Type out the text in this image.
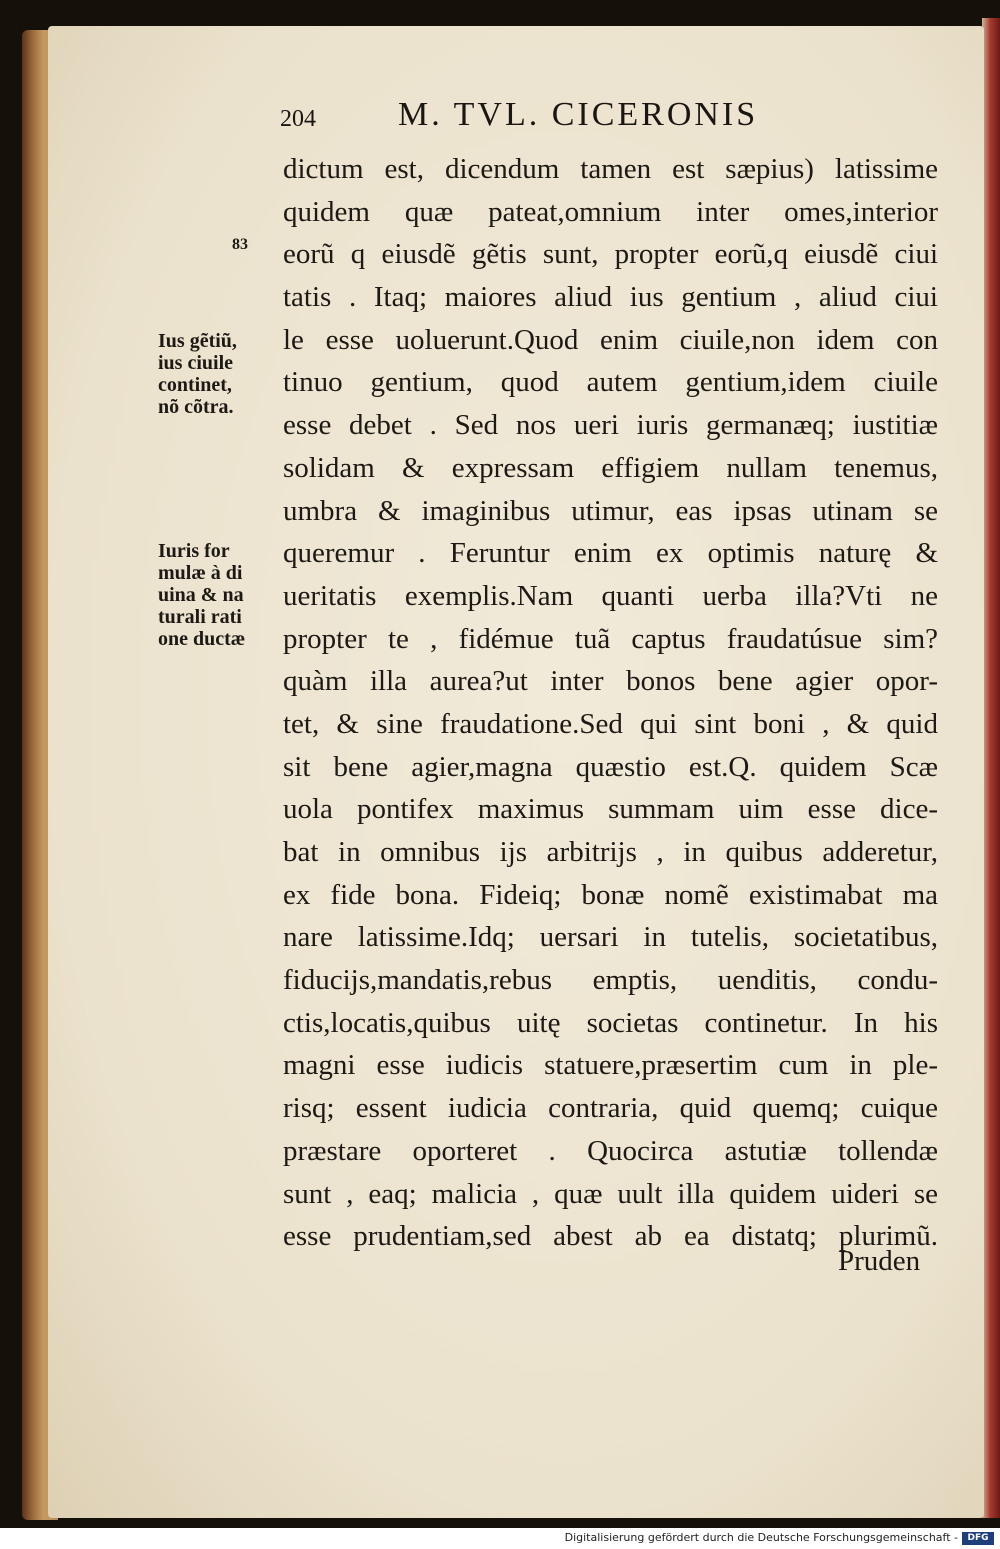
204 M. TVL. CICERONIS
83
Ius gẽtiũ,
ius ciuile
continet,
nõ cõtra.
Iuris for
mulæ à di
uina & na
turali rati
one ductæ
dictum est, dicendum tamen est sæpius) latissime
quidem quæ pateat,omnium inter omes,interior
eorũ q eiusdẽ gẽtis sunt, propter eorũ,q eiusdẽ ciui
tatis . Itaq; maiores aliud ius gentium , aliud ciui
le esse uoluerunt.Quod enim ciuile,non idem con
tinuo gentium, quod autem gentium,idem ciuile
esse debet . Sed nos ueri iuris germanæq; iustitiæ
solidam & expressam effigiem nullam tenemus,
umbra & imaginibus utimur, eas ipsas utinam se
queremur . Feruntur enim ex optimis naturę &
ueritatis exemplis.Nam quanti uerba illa?Vti ne
propter te , fidémue tuã captus fraudatúsue sim?
quàm illa aurea?ut inter bonos bene agier opor-
tet, & sine fraudatione.Sed qui sint boni , & quid
sit bene agier,magna quæstio est.Q. quidem Scæ
uola pontifex maximus summam uim esse dice-
bat in omnibus ijs arbitrijs , in quibus adderetur,
ex fide bona. Fideiq; bonæ nomẽ existimabat ma
nare latissime.Idq; uersari in tutelis, societatibus,
fiducijs,mandatis,rebus emptis, uenditis, condu-
ctis,locatis,quibus uitę societas continetur. In his
magni esse iudicis statuere,præsertim cum in ple-
risq; essent iudicia contraria, quid quemq; cuique
præstare oporteret . Quocirca astutiæ tollendæ
sunt , eaq; malicia , quæ uult illa quidem uideri se
esse prudentiam,sed abest ab ea distatq; plurimũ.
Pruden
Digitalisierung gefördert durch die Deutsche Forschungsgemeinschaft -	DFG
